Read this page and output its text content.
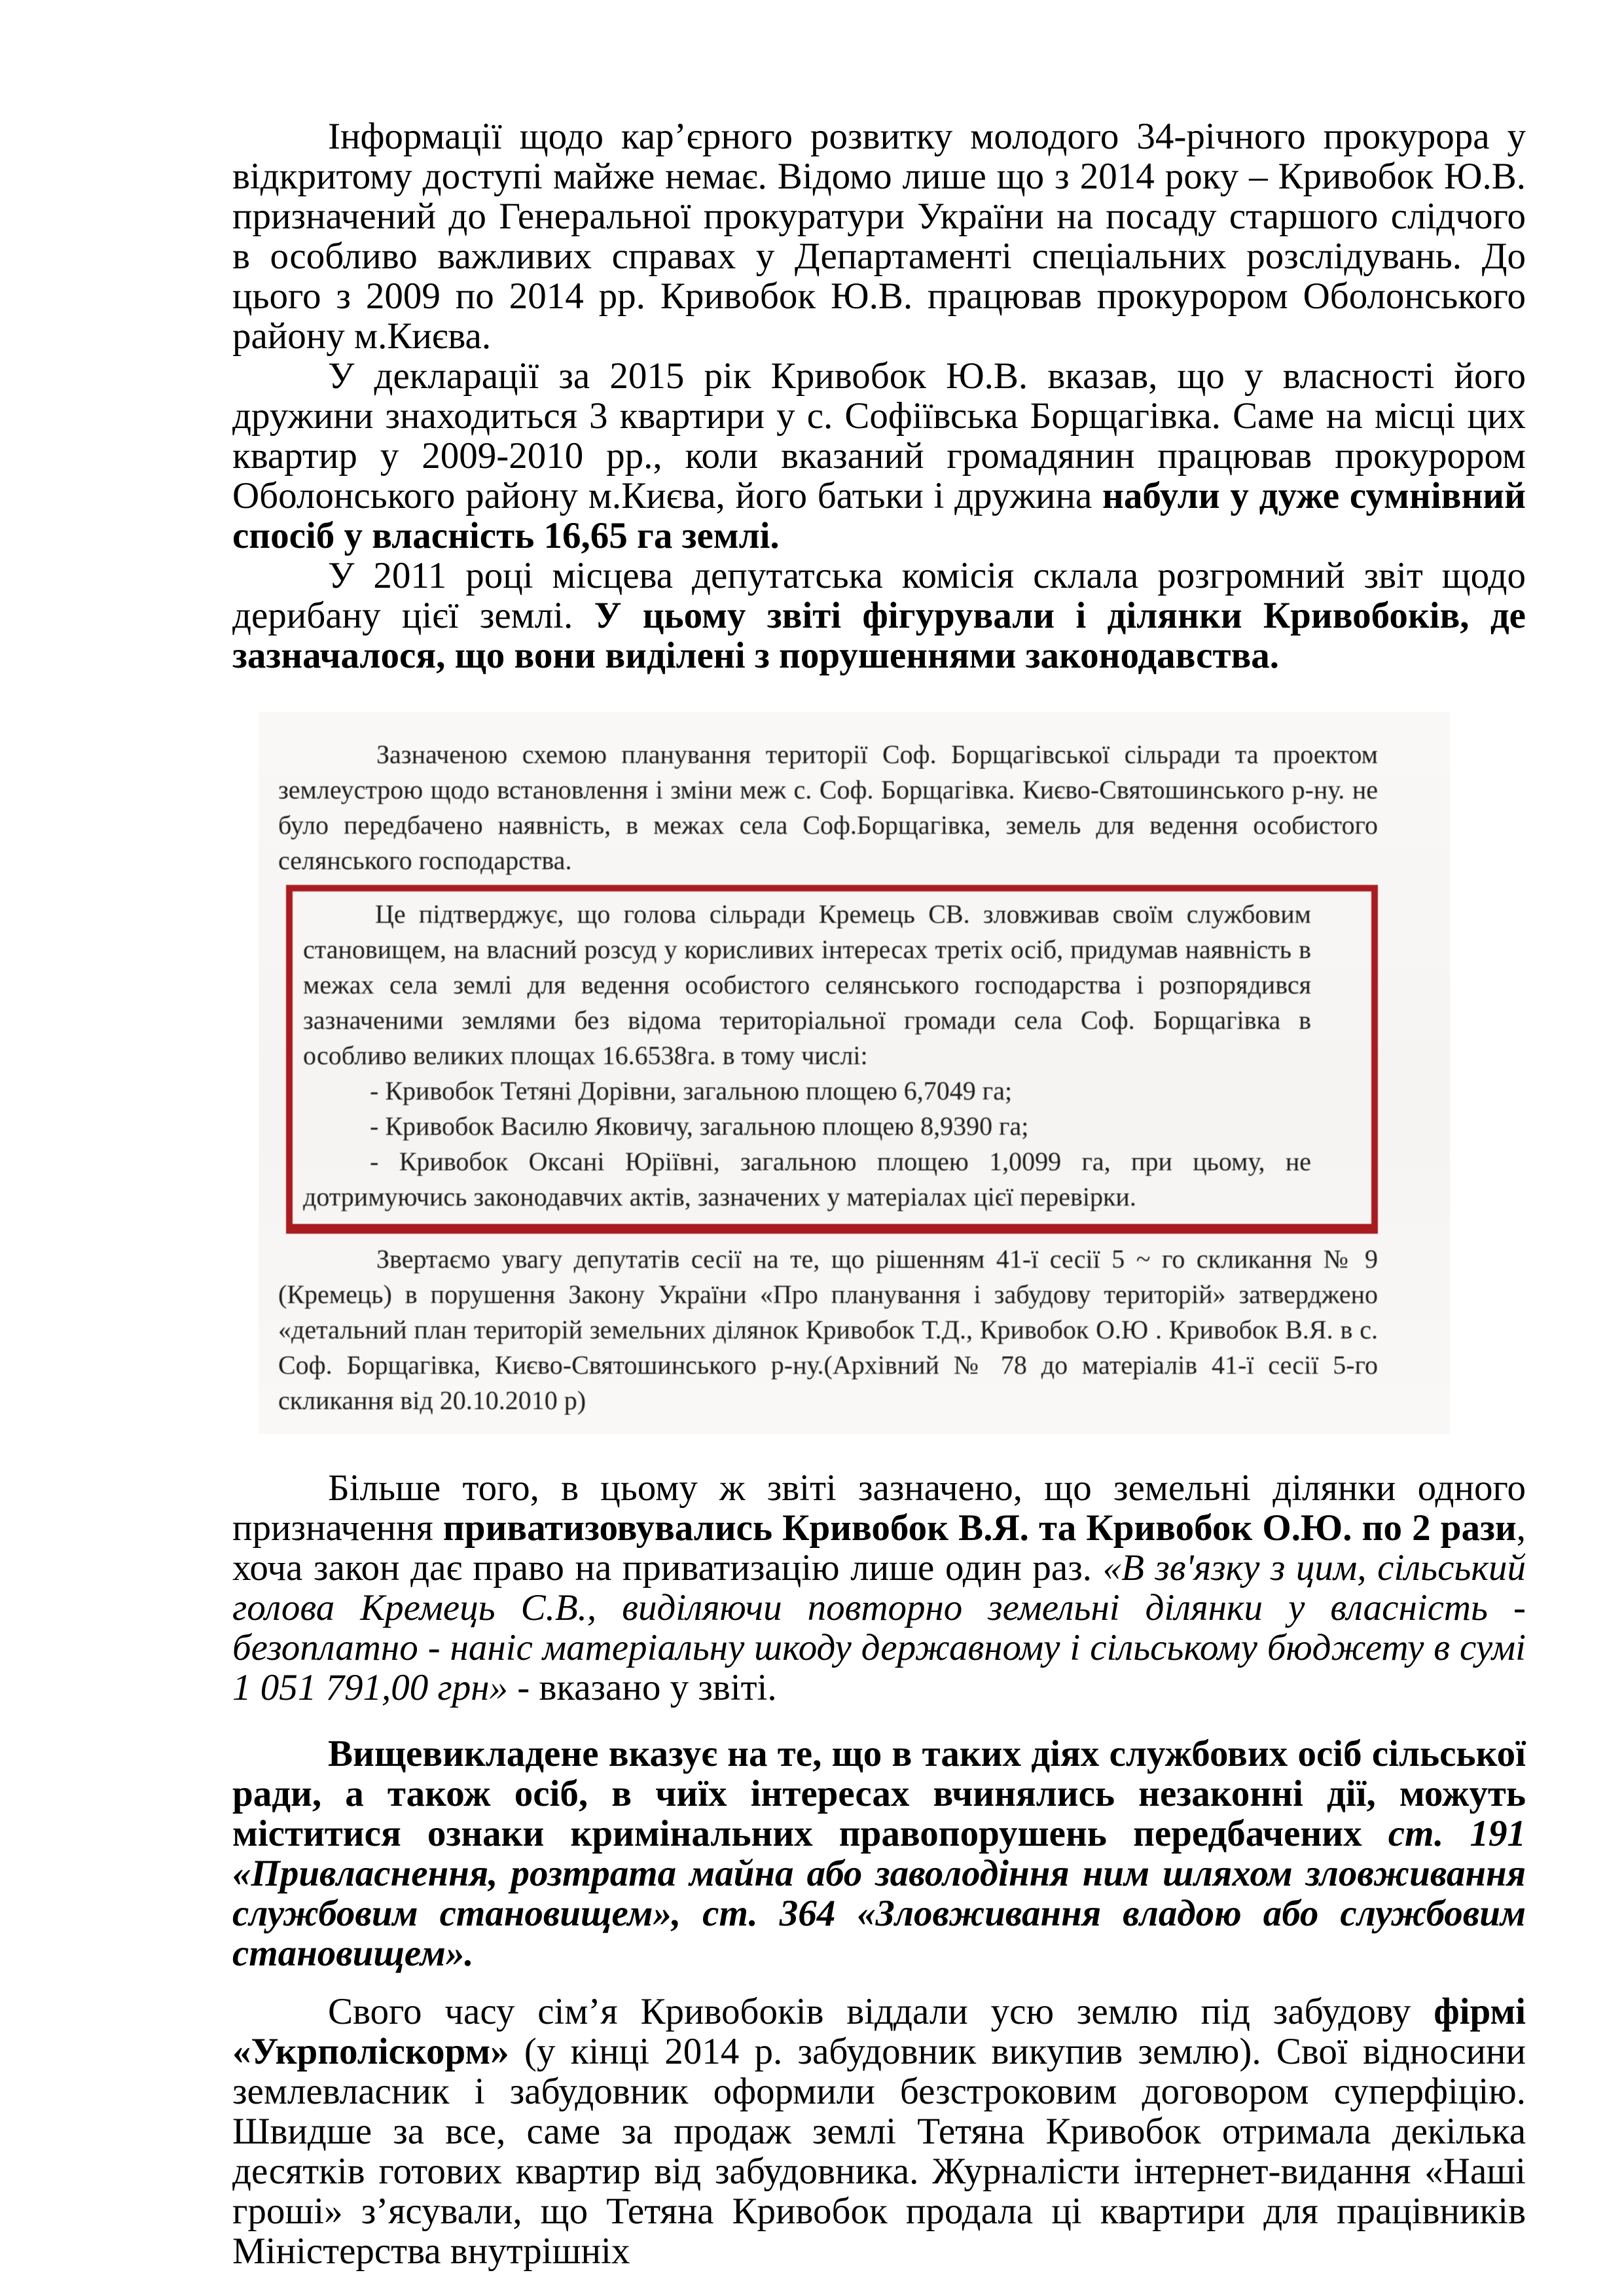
Інформації щодо кар’єрного розвитку молодого 34-річного прокурора у відкритому доступі майже немає. Відомо лише що з 2014 року – Кривобок Ю.В. призначений до Генеральної прокуратури України на посаду старшого слідчого в особливо важливих справах у Департаменті спеціальних розслідувань. До цього з 2009 по 2014 рр. Кривобок Ю.В. працював прокурором Оболонського району м.Києва.

У декларації за 2015 рік Кривобок Ю.В. вказав, що у власності його дружини знаходиться 3 квартири у с. Софіївська Борщагівка. Саме на місці цих квартир у 2009-2010 рр., коли вказаний громадянин працював прокурором Оболонського району м.Києва, його батьки і дружина набули у дуже сумнівний спосіб у власність 16,65 га землі.

У 2011 році місцева депутатська комісія склала розгромний звіт щодо дерибану цієї землі. У цьому звіті фігурували і ділянки Кривобоків, де зазначалося, що вони виділені з порушеннями законодавства.

Зазначеною схемою планування території Соф. Борщагівської сільради та проектом землеустрою щодо встановлення і зміни меж с. Соф. Борщагівка. Києво-Святошинського р-ну. не було передбачено наявність, в межах села Соф.Борщагівка, земель для ведення особистого селянського господарства.

Це підтверджує, що голова сільради Кремець СВ. зловживав своїм службовим становищем, на власний розсуд у корисливих інтересах третіх осіб, придумав наявність в межах села землі для ведення особистого селянського господарства і розпорядився зазначеними землями без відома територіальної громади села Соф. Борщагівка в особливо великих площах 16.6538га. в тому числі:

- Кривобок Тетяні Дорівни, загальною площею 6,7049 га;

- Кривобок Василю Яковичу, загальною площею 8,9390 га;

- Кривобок Оксані Юріївні, загальною площею 1,0099 га, при цьому, не дотримуючись законодавчих актів, зазначених у матеріалах цієї перевірки.

Звертаємо увагу депутатів сесії на те, що рішенням 41-ї сесії 5 ~ го скликання № 9 (Кремець) в порушення Закону України «Про планування і забудову територій» затверджено «детальний план територій земельних ділянок Кривобок Т.Д., Кривобок О.Ю . Кривобок В.Я. в с. Соф. Борщагівка, Києво-Святошинського р-ну.(Архівний № 78 до матеріалів 41-ї сесії 5-го скликання від 20.10.2010 р)

Більше того, в цьому ж звіті зазначено, що земельні ділянки одного призначення приватизовувались Кривобок В.Я. та Кривобок О.Ю. по 2 рази, хоча закон дає право на приватизацію лише один раз. «В зв'язку з цим, сільський голова Кремець С.В., виділяючи повторно земельні ділянки у власність - безоплатно - наніс матеріальну шкоду державному і сільському бюджету в сумі 1 051 791,00 грн» - вказано у звіті.

Вищевикладене вказує на те, що в таких діях службових осіб сільської ради, а також осіб, в чиїх інтересах вчинялись незаконні дії, можуть міститися ознаки кримінальних правопорушень передбачених ст. 191 «Привласнення, розтрата майна або заволодіння ним шляхом зловживання службовим становищем», ст. 364 «Зловживання владою або службовим становищем».

Свого часу сім’я Кривобоків віддали усю землю під забудову фірмі «Укрполіскорм» (у кінці 2014 р. забудовник викупив землю). Свої відносини землевласник і забудовник оформили безстроковим договором суперфіцію. Швидше за все, саме за продаж землі Тетяна Кривобок отримала декілька десятків готових квартир від забудовника. Журналісти інтернет-видання «Наші гроші» з’ясували, що Тетяна Кривобок продала ці квартири для працівників Міністерства внутрішніх
